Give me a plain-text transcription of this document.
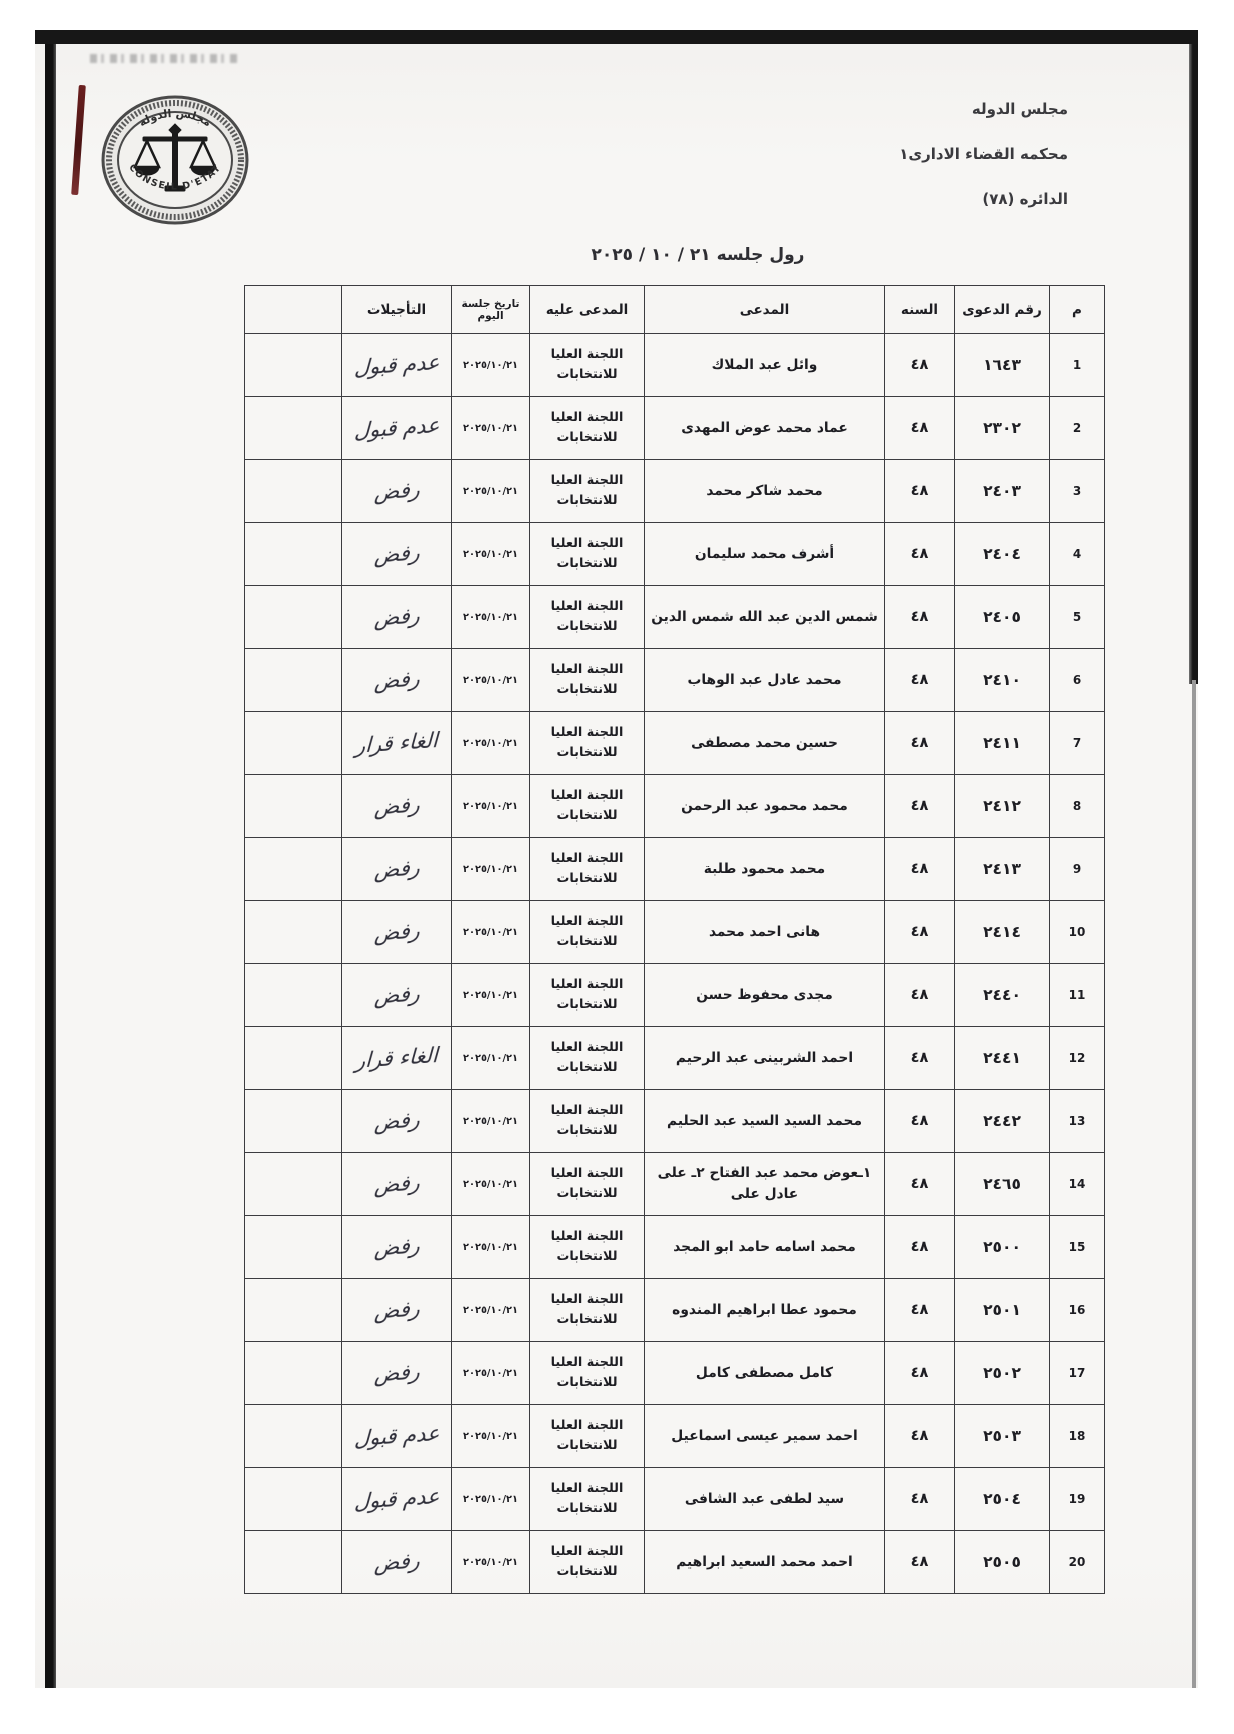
مجلس الدولة
CONSEIL D'ETAT
مجلس الدوله
محكمه القضاء الادارى١
الدائره (٧٨)
رول جلسه ٢١ / ١٠ / ٢٠٢٥
م	رقم الدعوى	السنه	المدعى	المدعى عليه	تاريخ جلسة اليوم	التأجيلات	
1	١٦٤٣	٤٨	وائل عبد الملاك	اللجنة العليا للانتخابات	٢٠٢٥/١٠/٢١	عدم قبول	
2	٢٣٠٢	٤٨	عماد محمد عوض المهدى	اللجنة العليا للانتخابات	٢٠٢٥/١٠/٢١	عدم قبول	
3	٢٤٠٣	٤٨	محمد شاكر محمد	اللجنة العليا للانتخابات	٢٠٢٥/١٠/٢١	رفض	
4	٢٤٠٤	٤٨	أشرف محمد سليمان	اللجنة العليا للانتخابات	٢٠٢٥/١٠/٢١	رفض	
5	٢٤٠٥	٤٨	شمس الدين عبد الله شمس الدين	اللجنة العليا للانتخابات	٢٠٢٥/١٠/٢١	رفض	
6	٢٤١٠	٤٨	محمد عادل عبد الوهاب	اللجنة العليا للانتخابات	٢٠٢٥/١٠/٢١	رفض	
7	٢٤١١	٤٨	حسين محمد مصطفى	اللجنة العليا للانتخابات	٢٠٢٥/١٠/٢١	الغاء قرار	
8	٢٤١٢	٤٨	محمد محمود عبد الرحمن	اللجنة العليا للانتخابات	٢٠٢٥/١٠/٢١	رفض	
9	٢٤١٣	٤٨	محمد محمود طلبة	اللجنة العليا للانتخابات	٢٠٢٥/١٠/٢١	رفض	
10	٢٤١٤	٤٨	هانى احمد محمد	اللجنة العليا للانتخابات	٢٠٢٥/١٠/٢١	رفض	
11	٢٤٤٠	٤٨	مجدى محفوظ حسن	اللجنة العليا للانتخابات	٢٠٢٥/١٠/٢١	رفض	
12	٢٤٤١	٤٨	احمد الشربينى عبد الرحيم	اللجنة العليا للانتخابات	٢٠٢٥/١٠/٢١	الغاء قرار	
13	٢٤٤٢	٤٨	محمد السيد السيد عبد الحليم	اللجنة العليا للانتخابات	٢٠٢٥/١٠/٢١	رفض	
14	٢٤٦٥	٤٨	١ـعوض محمد عبد الفتاح ٢ـ على عادل على	اللجنة العليا للانتخابات	٢٠٢٥/١٠/٢١	رفض	
15	٢٥٠٠	٤٨	محمد اسامه حامد ابو المجد	اللجنة العليا للانتخابات	٢٠٢٥/١٠/٢١	رفض	
16	٢٥٠١	٤٨	محمود عطا ابراهيم المندوه	اللجنة العليا للانتخابات	٢٠٢٥/١٠/٢١	رفض	
17	٢٥٠٢	٤٨	كامل مصطفى كامل	اللجنة العليا للانتخابات	٢٠٢٥/١٠/٢١	رفض	
18	٢٥٠٣	٤٨	احمد سمير عيسى اسماعيل	اللجنة العليا للانتخابات	٢٠٢٥/١٠/٢١	عدم قبول	
19	٢٥٠٤	٤٨	سيد لطفى عبد الشافى	اللجنة العليا للانتخابات	٢٠٢٥/١٠/٢١	عدم قبول	
20	٢٥٠٥	٤٨	احمد محمد السعيد ابراهيم	اللجنة العليا للانتخابات	٢٠٢٥/١٠/٢١	رفض	
